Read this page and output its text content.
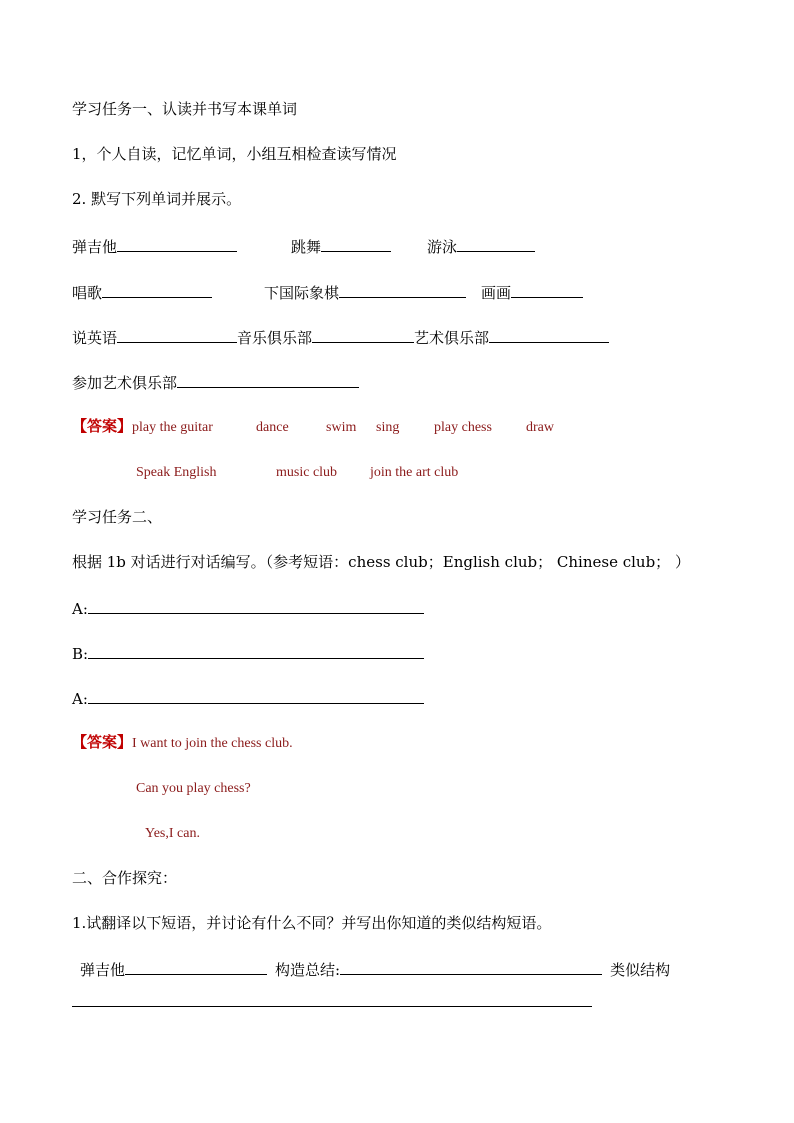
学习任务一、认读并书写本课单词
1，个人自读，记忆单词，小组互相检查读写情况
2. 默写下列单词并展示。
弹吉他	跳舞	游泳
唱歌	下国际象棋	画画
说英语	音乐俱乐部	艺术俱乐部
参加艺术俱乐部
【答案】play the guitar	dance	swim sing play chess draw
Speak English	music club join the art club
学习任务二、
根据 1b 对话进行对话编写。（参考短语：chess club；English club； Chinese club； ）
A:
B:
A:
【答案】I want to join the chess club.
Can you play chess?
Yes,I can.
二、合作探究：
1.试翻译以下短语，并讨论有什么不同？并写出你知道的类似结构短语。
弹吉他	构造总结:	类似结构
